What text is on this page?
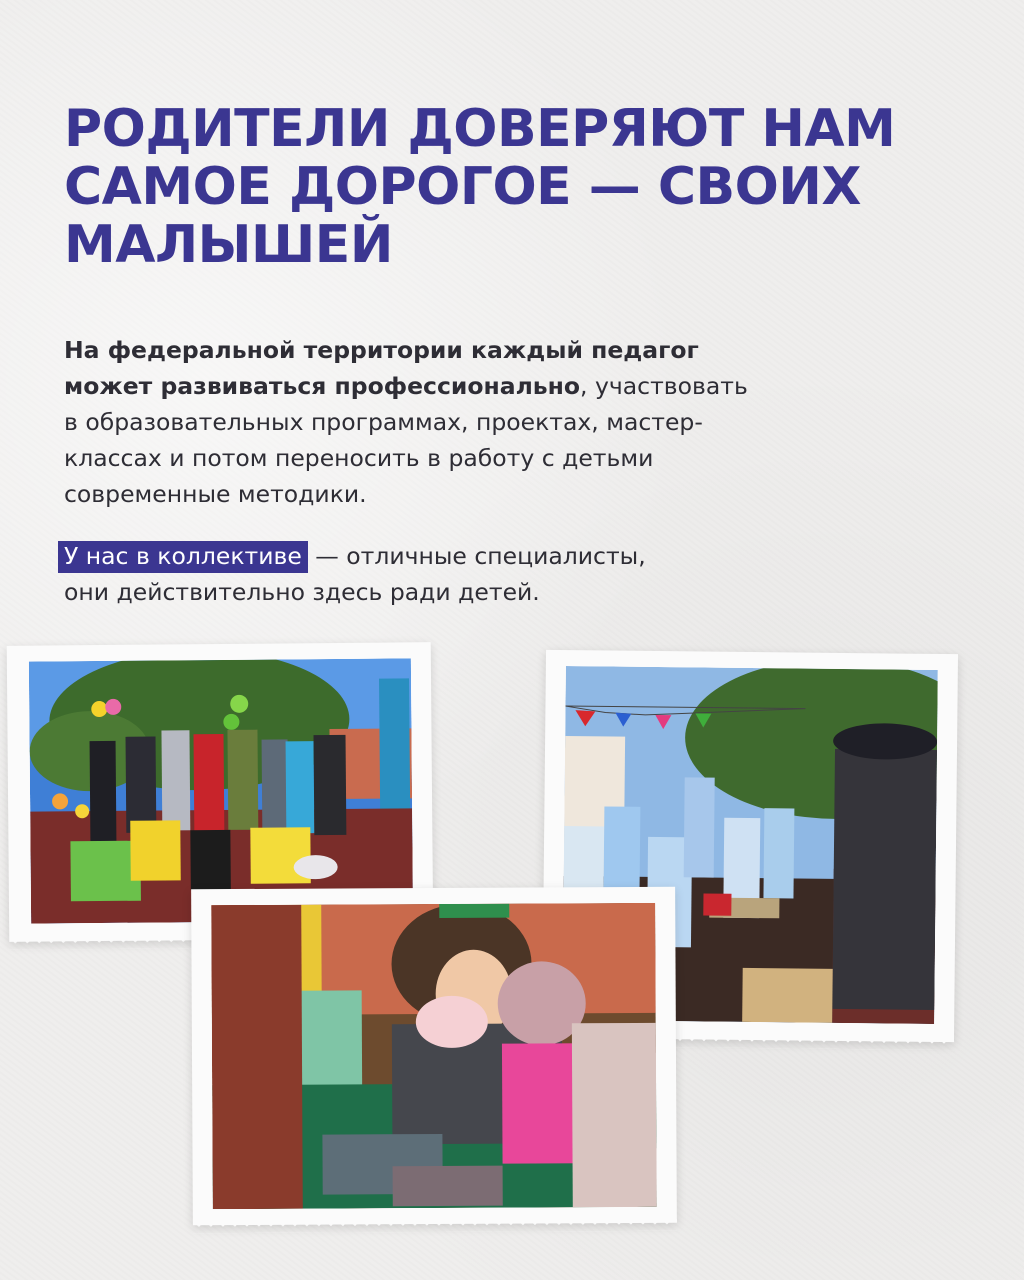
РОДИТЕЛИ ДОВЕРЯЮТ НАМ
САМОЕ ДОРОГОЕ — СВОИХ
МАЛЫШЕЙ
На федеральной территории каждый педагог
может развиваться профессионально, участвовать
в образовательных программах, проектах, мастер-
классах и потом переносить в работу с детьми
современные методики.
У нас в коллективе — отличные специалисты,
они действительно здесь ради детей.
